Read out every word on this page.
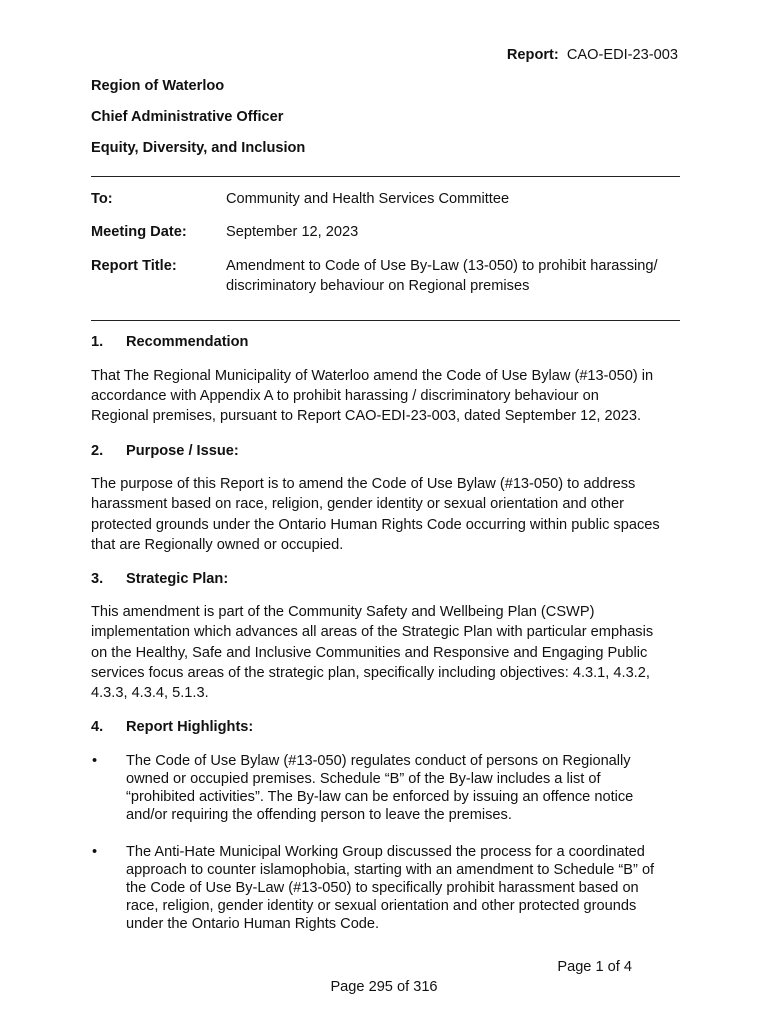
Report: CAO-EDI-23-003
Region of Waterloo
Chief Administrative Officer
Equity, Diversity, and Inclusion
To:	Community and Health Services Committee
Meeting Date:	September 12, 2023
Report Title:	Amendment to Code of Use By-Law (13-050) to prohibit harassing/
discriminatory behaviour on Regional premises
1. Recommendation
That The Regional Municipality of Waterloo amend the Code of Use Bylaw (#13-050) in
accordance with Appendix A to prohibit harassing / discriminatory behaviour on
Regional premises, pursuant to Report CAO-EDI-23-003, dated September 12, 2023.
2. Purpose / Issue:
The purpose of this Report is to amend the Code of Use Bylaw (#13-050) to address
harassment based on race, religion, gender identity or sexual orientation and other
protected grounds under the Ontario Human Rights Code occurring within public spaces
that are Regionally owned or occupied.
3. Strategic Plan:
This amendment is part of the Community Safety and Wellbeing Plan (CSWP)
implementation which advances all areas of the Strategic Plan with particular emphasis
on the Healthy, Safe and Inclusive Communities and Responsive and Engaging Public
services focus areas of the strategic plan, specifically including objectives: 4.3.1, 4.3.2,
4.3.3, 4.3.4, 5.1.3.
4. Report Highlights:
• The Code of Use Bylaw (#13-050) regulates conduct of persons on Regionally
owned or occupied premises. Schedule “B” of the By-law includes a list of
“prohibited activities”. The By-law can be enforced by issuing an offence notice
and/or requiring the offending person to leave the premises.
• The Anti-Hate Municipal Working Group discussed the process for a coordinated
approach to counter islamophobia, starting with an amendment to Schedule “B” of
the Code of Use By-Law (#13-050) to specifically prohibit harassment based on
race, religion, gender identity or sexual orientation and other protected grounds
under the Ontario Human Rights Code.
Page 1 of 4
Page 295 of 316
